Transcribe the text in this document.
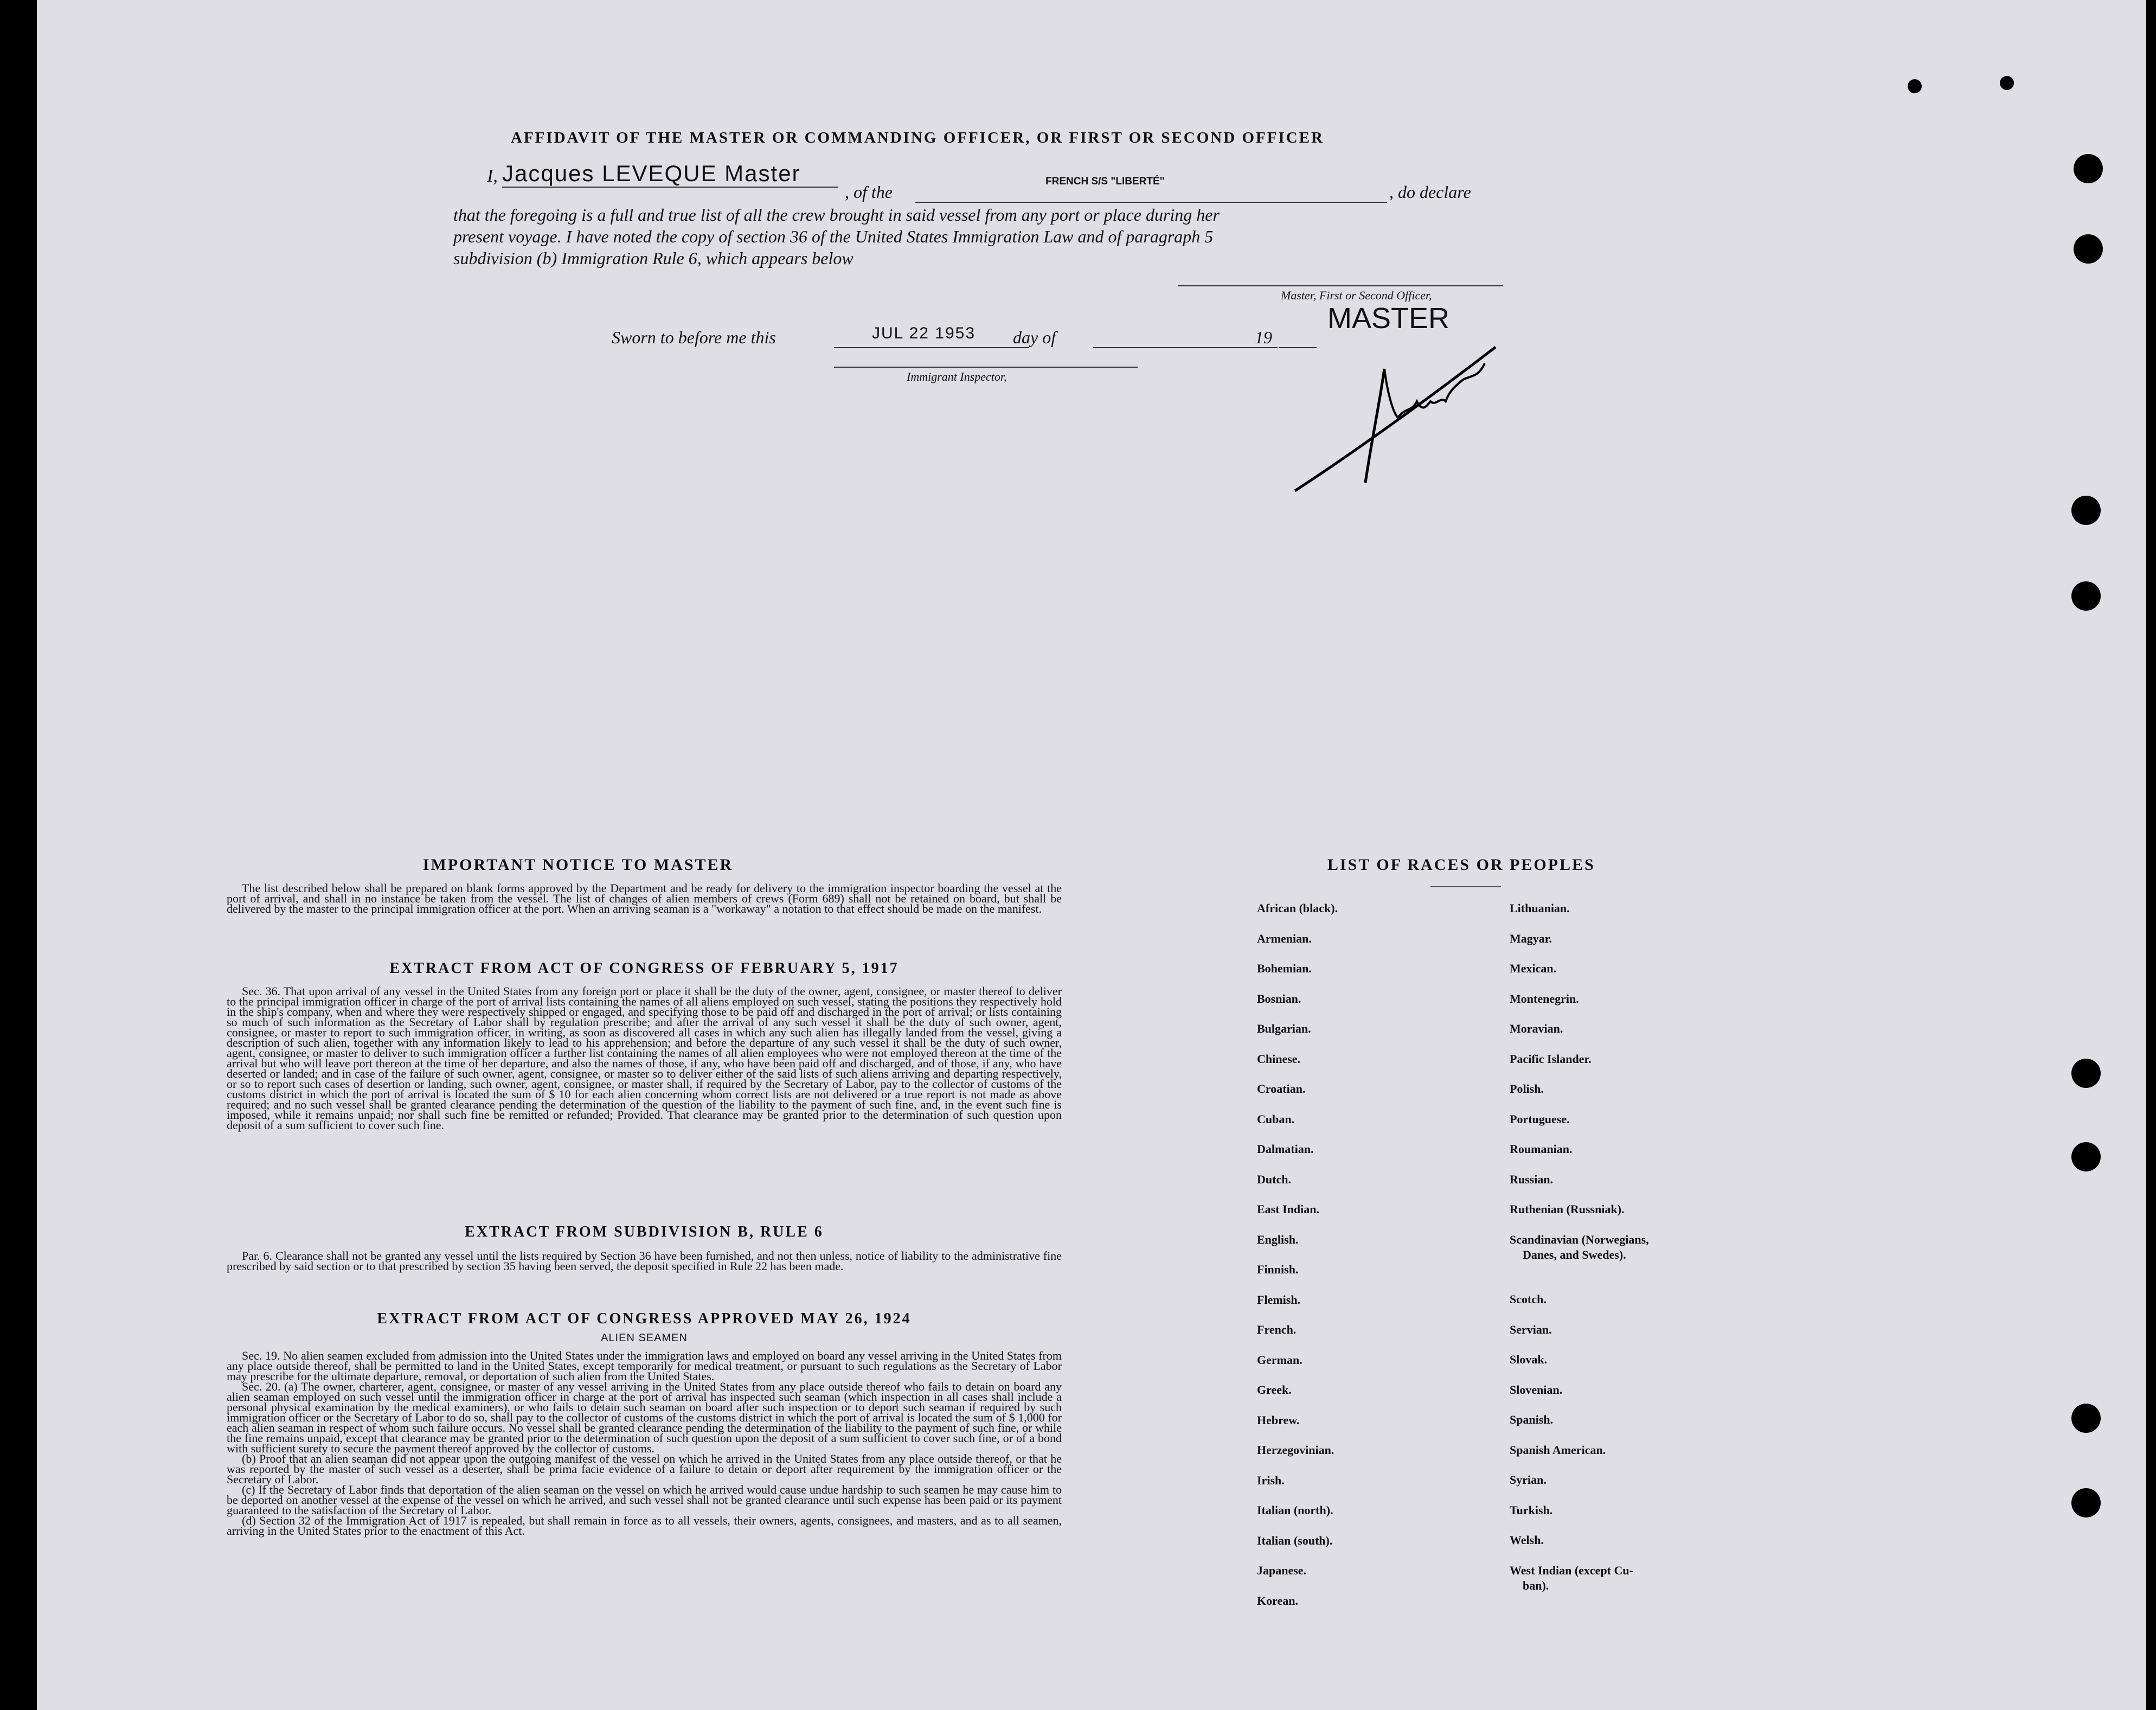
AFFIDAVIT OF THE MASTER OR COMMANDING OFFICER, OR FIRST OR SECOND OFFICER
I, Jacques LEVEQUE Master
, of the
FRENCH S/S "LIBERTÉ"
, do declare
that the foregoing is a full and true list of all the crew brought in said vessel from any port or place during her
present voyage. I have noted the copy of section 36 of the United States Immigration Law and of paragraph 5
subdivision (b) Immigration Rule 6, which appears below
Master, First or Second Officer,
MASTER
Sworn to before me this	JUL 22 1953 day of	19
Immigrant Inspector,
IMPORTANT NOTICE TO MASTER

The list described below shall be prepared on blank forms approved by the Department and be ready for delivery to the immigration inspector boarding the vessel at the port of arrival, and shall in no instance be taken from the vessel. The list of changes of alien members of crews (Form 689) shall not be retained on board, but shall be delivered by the master to the principal immigration officer at the port. When an arriving seaman is a "workaway" a notation to that effect should be made on the manifest.

EXTRACT FROM ACT OF CONGRESS OF FEBRUARY 5, 1917

Sec. 36. That upon arrival of any vessel in the United States from any foreign port or place it shall be the duty of the owner, agent, consignee, or master thereof to deliver to the principal immigration officer in charge of the port of arrival lists containing the names of all aliens employed on such vessel, stating the positions they respectively hold in the ship's company, when and where they were respectively shipped or engaged, and specifying those to be paid off and discharged in the port of arrival; or lists containing so much of such information as the Secretary of Labor shall by regulation prescribe; and after the arrival of any such vessel it shall be the duty of such owner, agent, consignee, or master to report to such immigration officer, in writing, as soon as discovered all cases in which any such alien has illegally landed from the vessel, giving a description of such alien, together with any information likely to lead to his apprehension; and before the departure of any such vessel it shall be the duty of such owner, agent, consignee, or master to deliver to such immigration officer a further list containing the names of all alien employees who were not employed thereon at the time of the arrival but who will leave port thereon at the time of her departure, and also the names of those, if any, who have been paid off and discharged, and of those, if any, who have deserted or landed; and in case of the failure of such owner, agent, consignee, or master so to deliver either of the said lists of such aliens arriving and departing respectively, or so to report such cases of desertion or landing, such owner, agent, consignee, or master shall, if required by the Secretary of Labor, pay to the collector of customs of the customs district in which the port of arrival is located the sum of $ 10 for each alien concerning whom correct lists are not delivered or a true report is not made as above required; and no such vessel shall be granted clearance pending the determination of the question of the liability to the payment of such fine, and, in the event such fine is imposed, while it remains unpaid; nor shall such fine be remitted or refunded; Provided. That clearance may be granted prior to the determination of such question upon deposit of a sum sufficient to cover such fine.

EXTRACT FROM SUBDIVISION B, RULE 6

Par. 6. Clearance shall not be granted any vessel until the lists required by Section 36 have been furnished, and not then unless, notice of liability to the administrative fine prescribed by said section or to that prescribed by section 35 having been served, the deposit specified in Rule 22 has been made.

EXTRACT FROM ACT OF CONGRESS APPROVED MAY 26, 1924
ALIEN SEAMEN

Sec. 19. No alien seamen excluded from admission into the United States under the immigration laws and employed on board any vessel arriving in the United States from any place outside thereof, shall be permitted to land in the United States, except temporarily for medical treatment, or pursuant to such regulations as the Secretary of Labor may prescribe for the ultimate departure, removal, or deportation of such alien from the United States.

Sec. 20. (a) The owner, charterer, agent, consignee, or master of any vessel arriving in the United States from any place outside thereof who fails to detain on board any alien seaman employed on such vessel until the immigration officer in charge at the port of arrival has inspected such seaman (which inspection in all cases shall include a personal physical examination by the medical examiners), or who fails to detain such seaman on board after such inspection or to deport such seaman if required by such immigration officer or the Secretary of Labor to do so, shall pay to the collector of customs of the customs district in which the port of arrival is located the sum of $ 1,000 for each alien seaman in respect of whom such failure occurs. No vessel shall be granted clearance pending the determination of the liability to the payment of such fine, or while the fine remains unpaid, except that clearance may be granted prior to the determination of such question upon the deposit of a sum sufficient to cover such fine, or of a bond with sufficient surety to secure the payment thereof approved by the collector of customs.

(b) Proof that an alien seaman did not appear upon the outgoing manifest of the vessel on which he arrived in the United States from any place outside thereof, or that he was reported by the master of such vessel as a deserter, shall be prima facie evidence of a failure to detain or deport after requirement by the immigration officer or the Secretary of Labor.

(c) If the Secretary of Labor finds that deportation of the alien seaman on the vessel on which he arrived would cause undue hardship to such seamen he may cause him to be deported on another vessel at the expense of the vessel on which he arrived, and such vessel shall not be granted clearance until such expense has been paid or its payment guaranteed to the satisfaction of the Secretary of Labor.

(d) Section 32 of the Immigration Act of 1917 is repealed, but shall remain in force as to all vessels, their owners, agents, consignees, and masters, and as to all seamen, arriving in the United States prior to the enactment of this Act.

LIST OF RACES OR PEOPLES
African (black).
Armenian.
Bohemian.
Bosnian.
Bulgarian.
Chinese.
Croatian.
Cuban.
Dalmatian.
Dutch.
East Indian.
English.
Finnish.
Flemish.
French.
German.
Greek.
Hebrew.
Herzegovinian.
Irish.
Italian (north).
Italian (south).
Japanese.
Korean.
Lithuanian.
Magyar.
Mexican.
Montenegrin.
Moravian.
Pacific Islander.
Polish.
Portuguese.
Roumanian.
Russian.
Ruthenian (Russniak).
Scandinavian (Norwegians,
Danes, and Swedes).
Scotch.
Servian.
Slovak.
Slovenian.
Spanish.
Spanish American.
Syrian.
Turkish.
Welsh.
West Indian (except Cu-
ban).
